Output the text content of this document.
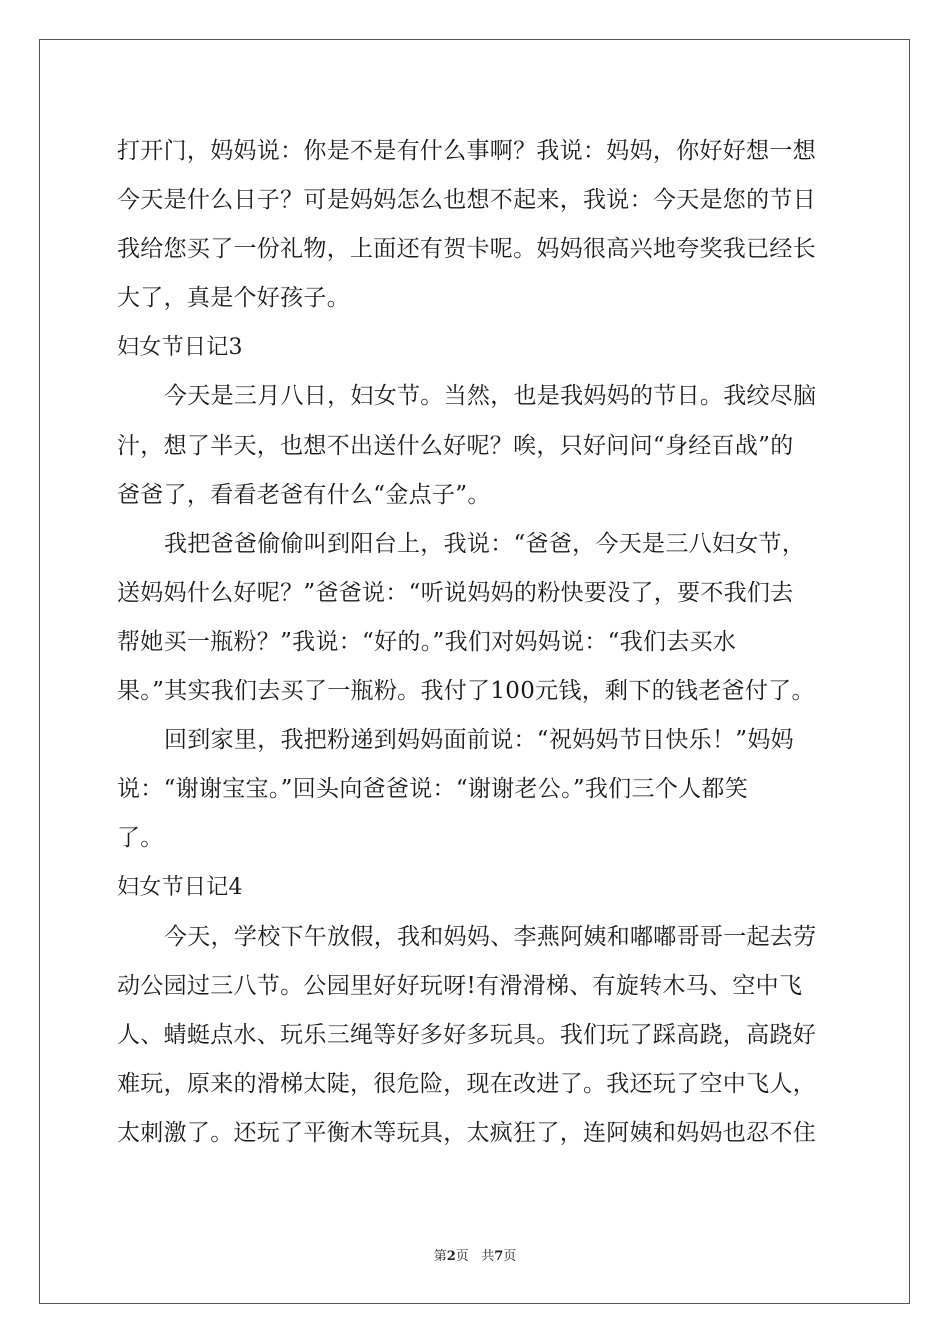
打开门，妈妈说：你是不是有什么事啊？我说：妈妈，你好好想一想
今天是什么日子？可是妈妈怎么也想不起来，我说：今天是您的节日
我给您买了一份礼物，上面还有贺卡呢。妈妈很高兴地夸奖我已经长
大了，真是个好孩子。
妇女节日记3
今天是三月八日，妇女节。当然，也是我妈妈的节日。我绞尽脑
汁，想了半天，也想不出送什么好呢？唉，只好问问“身经百战”的
爸爸了，看看老爸有什么“金点子”。
我把爸爸偷偷叫到阳台上，我说：“爸爸，今天是三八妇女节，
送妈妈什么好呢？”爸爸说：“听说妈妈的粉快要没了，要不我们去
帮她买一瓶粉？”我说：“好的。”我们对妈妈说：“我们去买水
果。”其实我们去买了一瓶粉。我付了100元钱，剩下的钱老爸付了。
回到家里，我把粉递到妈妈面前说：“祝妈妈节日快乐！”妈妈
说：“谢谢宝宝。”回头向爸爸说：“谢谢老公。”我们三个人都笑
了。
妇女节日记4
今天，学校下午放假，我和妈妈、李燕阿姨和嘟嘟哥哥一起去劳
动公园过三八节。公园里好好玩呀!有滑滑梯、有旋转木马、空中飞
人、蜻蜓点水、玩乐三绳等好多好多玩具。我们玩了踩高跷，高跷好
难玩，原来的滑梯太陡，很危险，现在改进了。我还玩了空中飞人，
太刺激了。还玩了平衡木等玩具，太疯狂了，连阿姨和妈妈也忍不住
第2页 共7页
